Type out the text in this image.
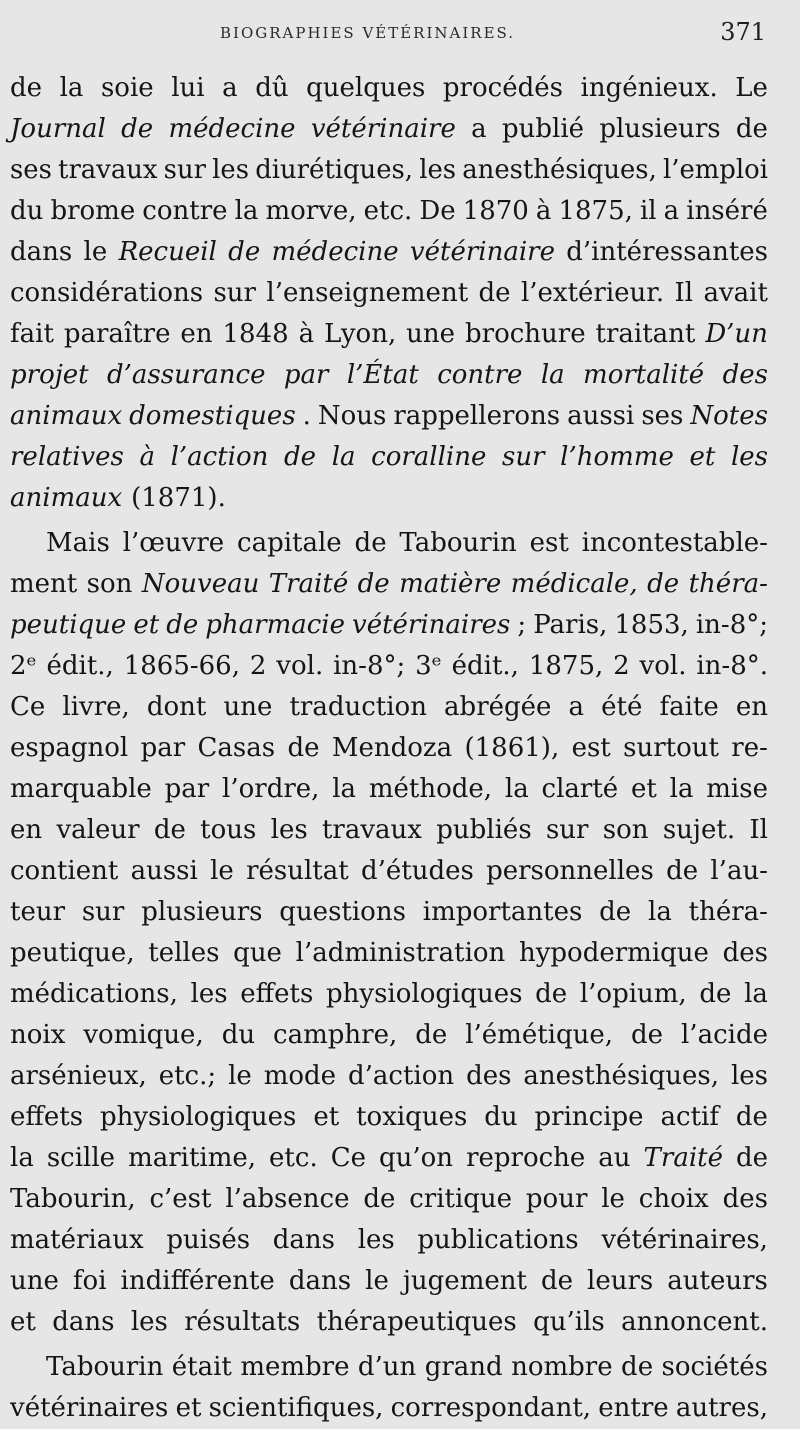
BIOGRAPHIES VÉTÉRINAIRES.	371
de la soie lui a dû quelques procédés ingénieux. Le
Journal de médecine vétérinaire a publié plusieurs de
ses travaux sur les diurétiques, les anesthésiques, l’emploi
du brome contre la morve, etc. De 1870 à 1875, il a inséré
dans le Recueil de médecine vétérinaire d’intéressantes
considérations sur l’enseignement de l’extérieur. Il avait
fait paraître en 1848 à Lyon, une brochure traitant D’un
projet d’assurance par l’État contre la mortalité des
animaux domestiques . Nous rappellerons aussi ses Notes
relatives à l’action de la coralline sur l’homme et les
animaux (1871).
Mais l’œuvre capitale de Tabourin est incontestable-
ment son Nouveau Traité de matière médicale, de théra-
peutique et de pharmacie vétérinaires ; Paris, 1853, in-8°;
2ᵉ édit., 1865-66, 2 vol. in-8°; 3ᵉ édit., 1875, 2 vol. in-8°.
Ce livre, dont une traduction abrégée a été faite en
espagnol par Casas de Mendoza (1861), est surtout re-
marquable par l’ordre, la méthode, la clarté et la mise
en valeur de tous les travaux publiés sur son sujet. Il
contient aussi le résultat d’études personnelles de l’au-
teur sur plusieurs questions importantes de la théra-
peutique, telles que l’administration hypodermique des
médications, les effets physiologiques de l’opium, de la
noix vomique, du camphre, de l’émétique, de l’acide
arsénieux, etc.; le mode d’action des anesthésiques, les
effets physiologiques et toxiques du principe actif de
la scille maritime, etc. Ce qu’on reproche au Traité de
Tabourin, c’est l’absence de critique pour le choix des
matériaux puisés dans les publications vétérinaires,
une foi indifférente dans le jugement de leurs auteurs
et dans les résultats thérapeutiques qu’ils annoncent.
Tabourin était membre d’un grand nombre de sociétés
vétérinaires et scientifiques, correspondant, entre autres,
